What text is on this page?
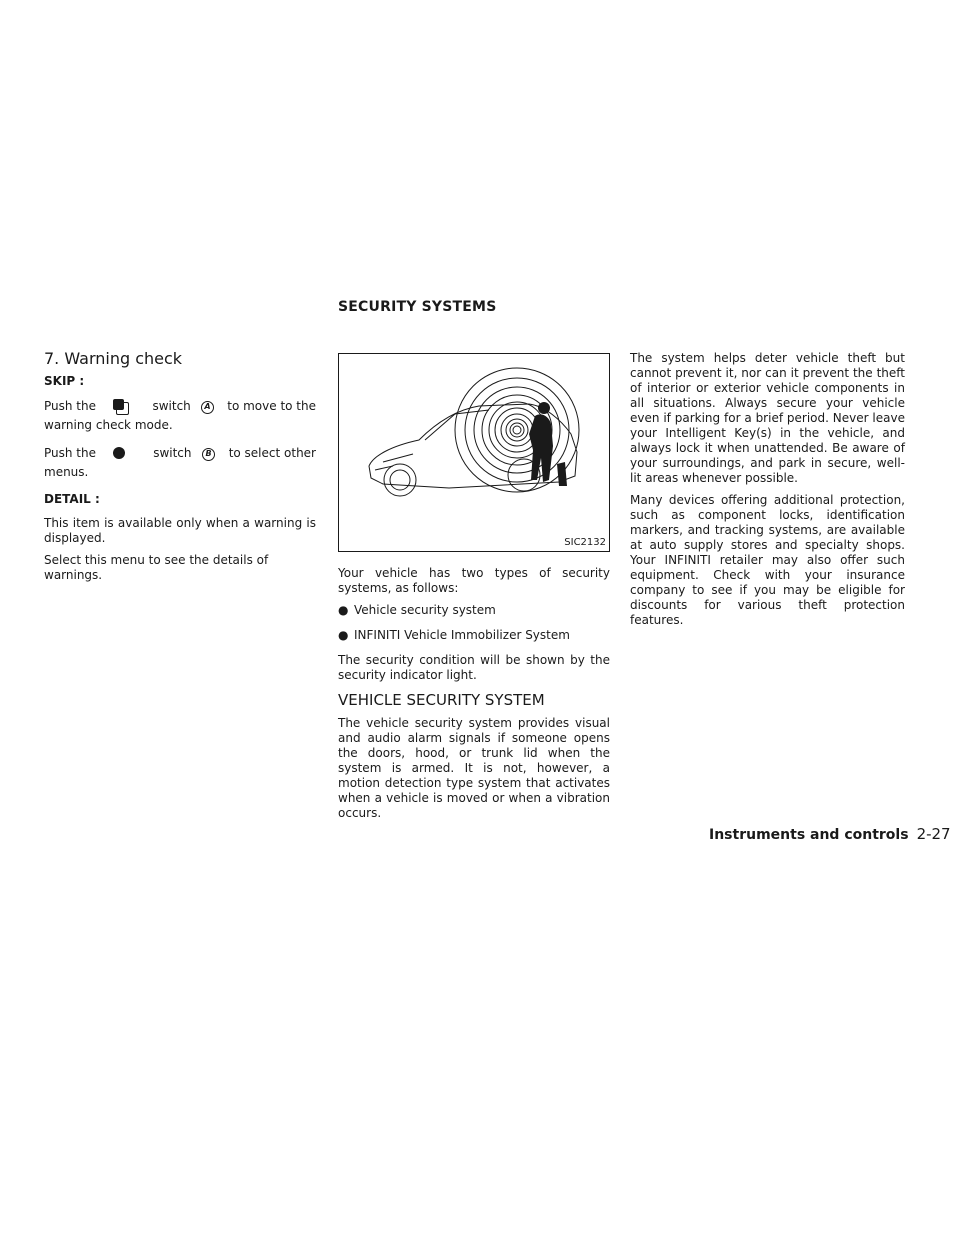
SECURITY SYSTEMS
7. Warning check

SKIP :

Push the	switch	A	to move to the
warning check mode.
Push the	switch	B	to select other
menus.

DETAIL :

This item is available only when a warning is displayed.

Select this menu to see the details of warnings.

SIC2132

Your vehicle has two types of security systems, as follows:

● Vehicle security system
● INFINITI Vehicle Immobilizer System

The security condition will be shown by the security indicator light.

VEHICLE SECURITY SYSTEM

The vehicle security system provides visual and audio alarm signals if someone opens the doors, hood, or trunk lid when the system is armed. It is not, however, a motion detection type system that activates when a vehicle is moved or when a vibration occurs.

The system helps deter vehicle theft but cannot prevent it, nor can it prevent the theft of interior or exterior vehicle components in all situations. Always secure your vehicle even if parking for a brief period. Never leave your Intelligent Key(s) in the vehicle, and always lock it when unattended. Be aware of your surroundings, and park in secure, well-lit areas whenever possible.

Many devices offering additional protection, such as component locks, identification markers, and tracking systems, are available at auto supply stores and specialty shops. Your INFINITI retailer may also offer such equipment. Check with your insurance company to see if you may be eligible for discounts for various theft protection features.

Instruments and controls 2-27
